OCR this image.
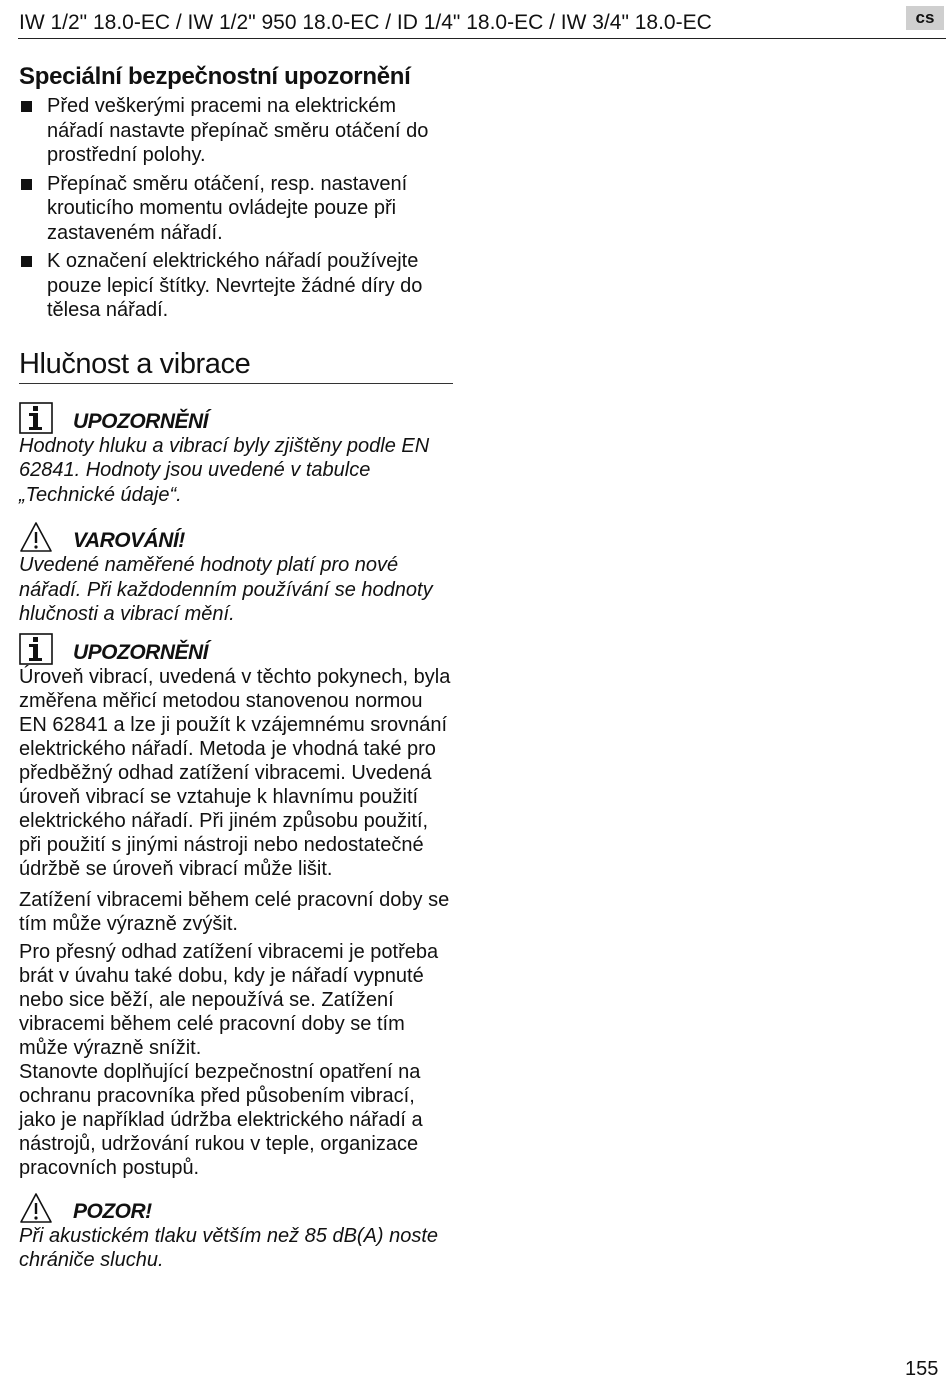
IW 1/2" 18.0-EC / IW 1/2" 950 18.0-EC / ID 1/4" 18.0-EC / IW 3/4" 18.0-EC	cs
Speciální bezpečnostní upozornění
Před veškerými pracemi na elektrickém nářadí nastavte přepínač směru otáčení do prostřední polohy.
Přepínač směru otáčení, resp. nastavení krouticího momentu ovládejte pouze při zastaveném nářadí.
K označení elektrického nářadí používejte pouze lepicí štítky. Nevrtejte žádné díry do tělesa nářadí.
Hlučnost a vibrace
UPOZORNĚNÍ
Hodnoty hluku a vibrací byly zjištěny podle EN 62841. Hodnoty jsou uvedené v tabulce „Technické údaje“.
VAROVÁNÍ!
Uvedené naměřené hodnoty platí pro nové nářadí. Při každodenním používání se hodnoty hlučnosti a vibrací mění.
UPOZORNĚNÍ
Úroveň vibrací, uvedená v těchto pokynech, byla změřena měřicí metodou stanovenou normou EN 62841 a lze ji použít k vzájemnému srovnání elektrického nářadí. Metoda je vhodná také pro předběžný odhad zatížení vibracemi. Uvedená úroveň vibrací se vztahuje k hlavnímu použití elektrického nářadí. Při jiném způsobu použití, při použití s jinými nástroji nebo nedostatečné údržbě se úroveň vibrací může lišit.

Zatížení vibracemi během celé pracovní doby se tím může výrazně zvýšit.

Pro přesný odhad zatížení vibracemi je potřeba brát v úvahu také dobu, kdy je nářadí vypnuté nebo sice běží, ale nepoužívá se. Zatížení vibracemi během celé pracovní doby se tím může výrazně snížit.

Stanovte doplňující bezpečnostní opatření na ochranu pracovníka před působením vibrací, jako je například údržba elektrického nářadí a nástrojů, udržování rukou v teple, organizace pracovních postupů.

POZOR!
Při akustickém tlaku větším než 85 dB(A) noste chrániče sluchu.
155
